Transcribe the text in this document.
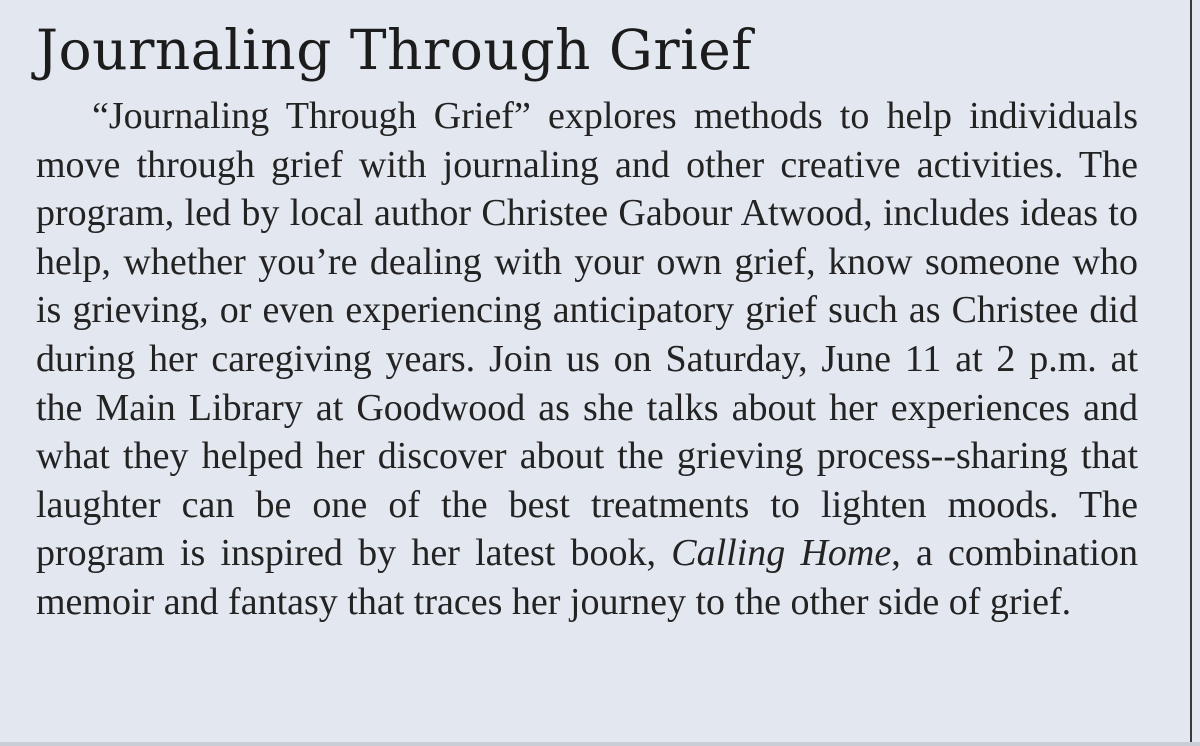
Journaling Through Grief

“Journaling Through Grief” explores methods to help individuals move through grief with journaling and other creative activities. The program, led by local author Christee Gabour Atwood, includes ideas to help, whether you’re dealing with your own grief, know someone who is grieving, or even experiencing anticipatory grief such as Christee did during her caregiving years. Join us on Saturday, June 11 at 2 p.m. at the Main Library at Goodwood as she talks about her experiences and what they helped her discover about the grieving process--sharing that laughter can be one of the best treatments to lighten moods. The program is inspired by her latest book, Calling Home, a combination memoir and fantasy that traces her journey to the other side of grief.
